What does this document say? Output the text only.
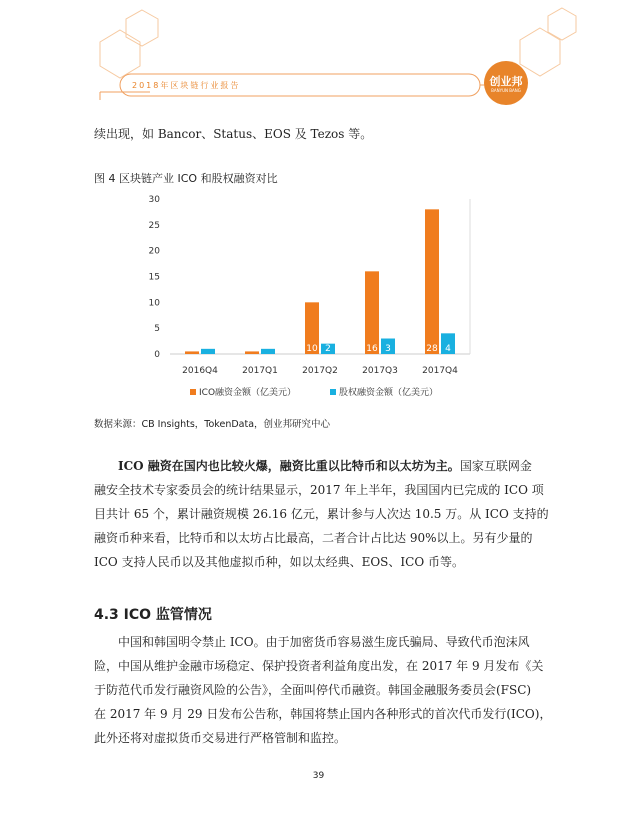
2018年区块链行业报告	创业邦
BANYUN BANG
续出现，如 Bancor、Status、EOS 及 Tezos 等。
图 4 区块链产业 ICO 和股权融资对比
0
5
10
15
20
25
30
2016Q4	2017Q1
10 2
2017Q2
16 3
2017Q3
28 4
2017Q4
ICO融资金额（亿美元）	股权融资金额（亿美元）
数据来源：CB Insights，TokenData，创业邦研究中心
ICO 融资在国内也比较火爆，融资比重以比特币和以太坊为主。国家互联网金
融安全技术专家委员会的统计结果显示，2017 年上半年，我国国内已完成的 ICO 项
目共计 65 个，累计融资规模 26.16 亿元，累计参与人次达 10.5 万。从 ICO 支持的
融资币种来看，比特币和以太坊占比最高，二者合计占比达 90%以上。另有少量的
ICO 支持人民币以及其他虚拟币种，如以太经典、EOS、ICO 币等。
4.3 ICO 监管情况
中国和韩国明令禁止 ICO。由于加密货币容易滋生庞氏骗局、导致代币泡沫风
险，中国从维护金融市场稳定、保护投资者利益角度出发，在 2017 年 9 月发布《关
于防范代币发行融资风险的公告》，全面叫停代币融资。韩国金融服务委员会(FSC)
在 2017 年 9 月 29 日发布公告称，韩国将禁止国内各种形式的首次代币发行(ICO)，
此外还将对虚拟货币交易进行严格管制和监控。
39
